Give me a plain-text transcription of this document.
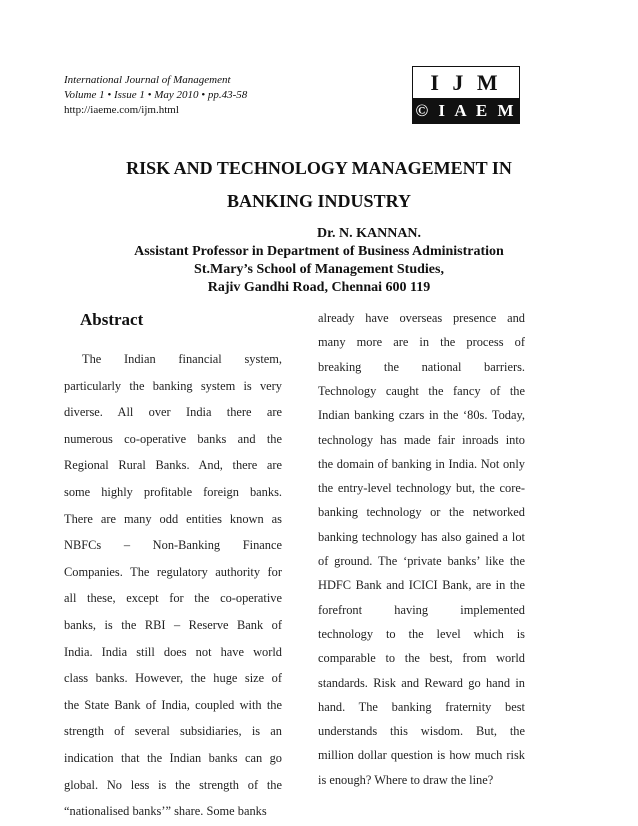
International Journal of Management
Volume 1 • Issue 1 • May 2010 • pp.43-58
http://iaeme.com/ijm.html
I J M
© I A E M
RISK AND TECHNOLOGY MANAGEMENT IN
BANKING INDUSTRY
Dr. N. KANNAN.
Assistant Professor in Department of Business Administration
St.Mary’s School of Management Studies,
Rajiv Gandhi Road, Chennai 600 119
Abstract
The Indian financial system,
particularly the banking system is very
diverse. All over India there are
numerous co-operative banks and the
Regional Rural Banks. And, there are
some highly profitable foreign banks.
There are many odd entities known as
NBFCs – Non-Banking Finance
Companies. The regulatory authority for
all these, except for the co-operative
banks, is the RBI – Reserve Bank of
India. India still does not have world
class banks. However, the huge size of
the State Bank of India, coupled with the
strength of several subsidiaries, is an
indication that the Indian banks can go
global. No less is the strength of the
“nationalised banks’” share. Some banks
already have overseas presence and
many more are in the process of
breaking the national barriers.
Technology caught the fancy of the
Indian banking czars in the ‘80s. Today,
technology has made fair inroads into
the domain of banking in India. Not only
the entry-level technology but, the core-
banking technology or the networked
banking technology has also gained a lot
of ground. The ‘private banks’ like the
HDFC Bank and ICICI Bank, are in the
forefront having implemented
technology to the level which is
comparable to the best, from world
standards. Risk and Reward go hand in
hand. The banking fraternity best
understands this wisdom. But, the
million dollar question is how much risk
is enough? Where to draw the line?
